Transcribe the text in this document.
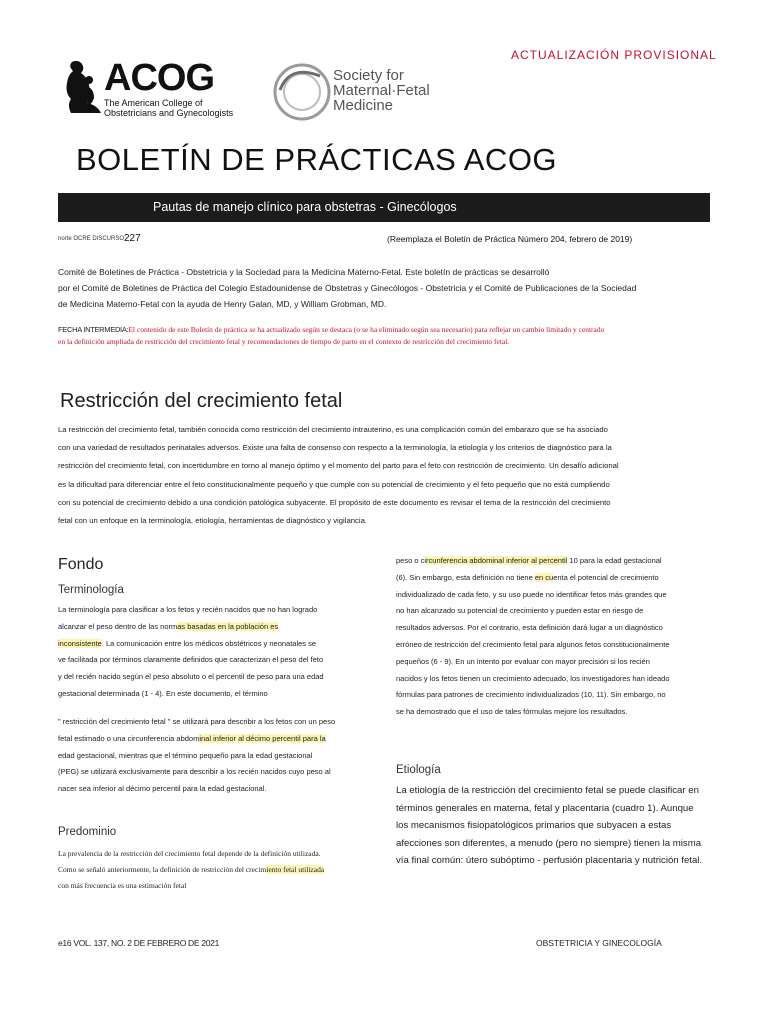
ACTUALIZACIÓN PROVISIONAL
ACOG
The American College of
Obstetricians and Gynecologists
Society for
Maternal·Fetal
Medicine
BOLETÍN DE PRÁCTICAS ACOG
Pautas de manejo clínico para obstetras - Ginecólogos
norte OCRE DISCURSO 227	(Reemplaza el Boletín de Práctica Número 204, febrero de 2019)
Comité de Boletines de Práctica - Obstetricia y la Sociedad para la Medicina Materno-Fetal. Este boletín de prácticas se desarrolló
por el Comité de Boletines de Práctica del Colegio Estadounidense de Obstetras y Ginecólogos - Obstetricia y el Comité de Publicaciones de la Sociedad
de Medicina Materno-Fetal con la ayuda de Henry Galan, MD, y William Grobman, MD.
FECHA INTERMEDIA:El contenido de este Boletín de práctica se ha actualizado según se destaca (o se ha eliminado según sea necesario) para reflejar un cambio limitado y centrado
en la definición ampliada de restricción del crecimiento fetal y recomendaciones de tiempo de parto en el contexto de restricción del crecimiento fetal.
Restricción del crecimiento fetal
La restricción del crecimiento fetal, también conocida como restricción del crecimiento intrauterino, es una complicación común del embarazo que se ha asociado
con una variedad de resultados perinatales adversos. Existe una falta de consenso con respecto a la terminología, la etiología y los criterios de diagnóstico para la
restricción del crecimiento fetal, con incertidumbre en torno al manejo óptimo y el momento del parto para el feto con restricción de crecimiento. Un desafío adicional
es la dificultad para diferenciar entre el feto constitucionalmente pequeño y que cumple con su potencial de crecimiento y el feto pequeño que no está cumpliendo
con su potencial de crecimiento debido a una condición patológica subyacente. El propósito de este documento es revisar el tema de la restricción del crecimiento
fetal con un enfoque en la terminología, etiología, herramientas de diagnóstico y vigilancia.
Fondo
Terminología
La terminología para clasificar a los fetos y recién nacidos que no han logrado
alcanzar el peso dentro de las normas basadas en la población es
inconsistente. La comunicación entre los médicos obstétricos y neonatales se
ve facilitada por términos claramente definidos que caracterizan el peso del feto
y del recién nacido según el peso absoluto o el percentil de peso para una edad
gestacional determinada (1 - 4). En este documento, el término
" restricción del crecimiento fetal " se utilizará para describir a los fetos con un peso
fetal estimado o una circunferencia abdominal inferior al décimo percentil para la
edad gestacional, mientras que el término pequeño para la edad gestacional
(PEG) se utilizará exclusivamente para describir a los recién nacidos cuyo peso al
nacer sea inferior al décimo percentil para la edad gestacional.
Predominio
La prevalencia de la restricción del crecimiento fetal depende de la definición utilizada.
Como se señaló anteriormente, la definición de restricción del crecimiento fetal utilizada
con más frecuencia es una estimación fetal
peso o circunferencia abdominal inferior al percentil 10 para la edad gestacional
(6). Sin embargo, esta definición no tiene en cuenta el potencial de crecimiento
individualizado de cada feto, y su uso puede no identificar fetos más grandes que
no han alcanzado su potencial de crecimiento y pueden estar en riesgo de
resultados adversos. Por el contrario, esta definición dará lugar a un diagnóstico
erróneo de restricción del crecimiento fetal para algunos fetos constitucionalmente
pequeños (6 - 9). En un intento por evaluar con mayor precisión si los recién
nacidos y los fetos tienen un crecimiento adecuado, los investigadores han ideado
fórmulas para patrones de crecimiento individualizados (10, 11). Sin embargo, no
se ha demostrado que el uso de tales fórmulas mejore los resultados.
Etiología
La etiología de la restricción del crecimiento fetal se puede clasificar en
términos generales en materna, fetal y placentaria (cuadro 1). Aunque
los mecanismos fisiopatológicos primarios que subyacen a estas
afecciones son diferentes, a menudo (pero no siempre) tienen la misma
vía final común: útero subóptimo - perfusión placentaria y nutrición fetal.
e16 VOL. 137, NO. 2 DE FEBRERO DE 2021	OBSTETRICIA Y GINECOLOGÍA
